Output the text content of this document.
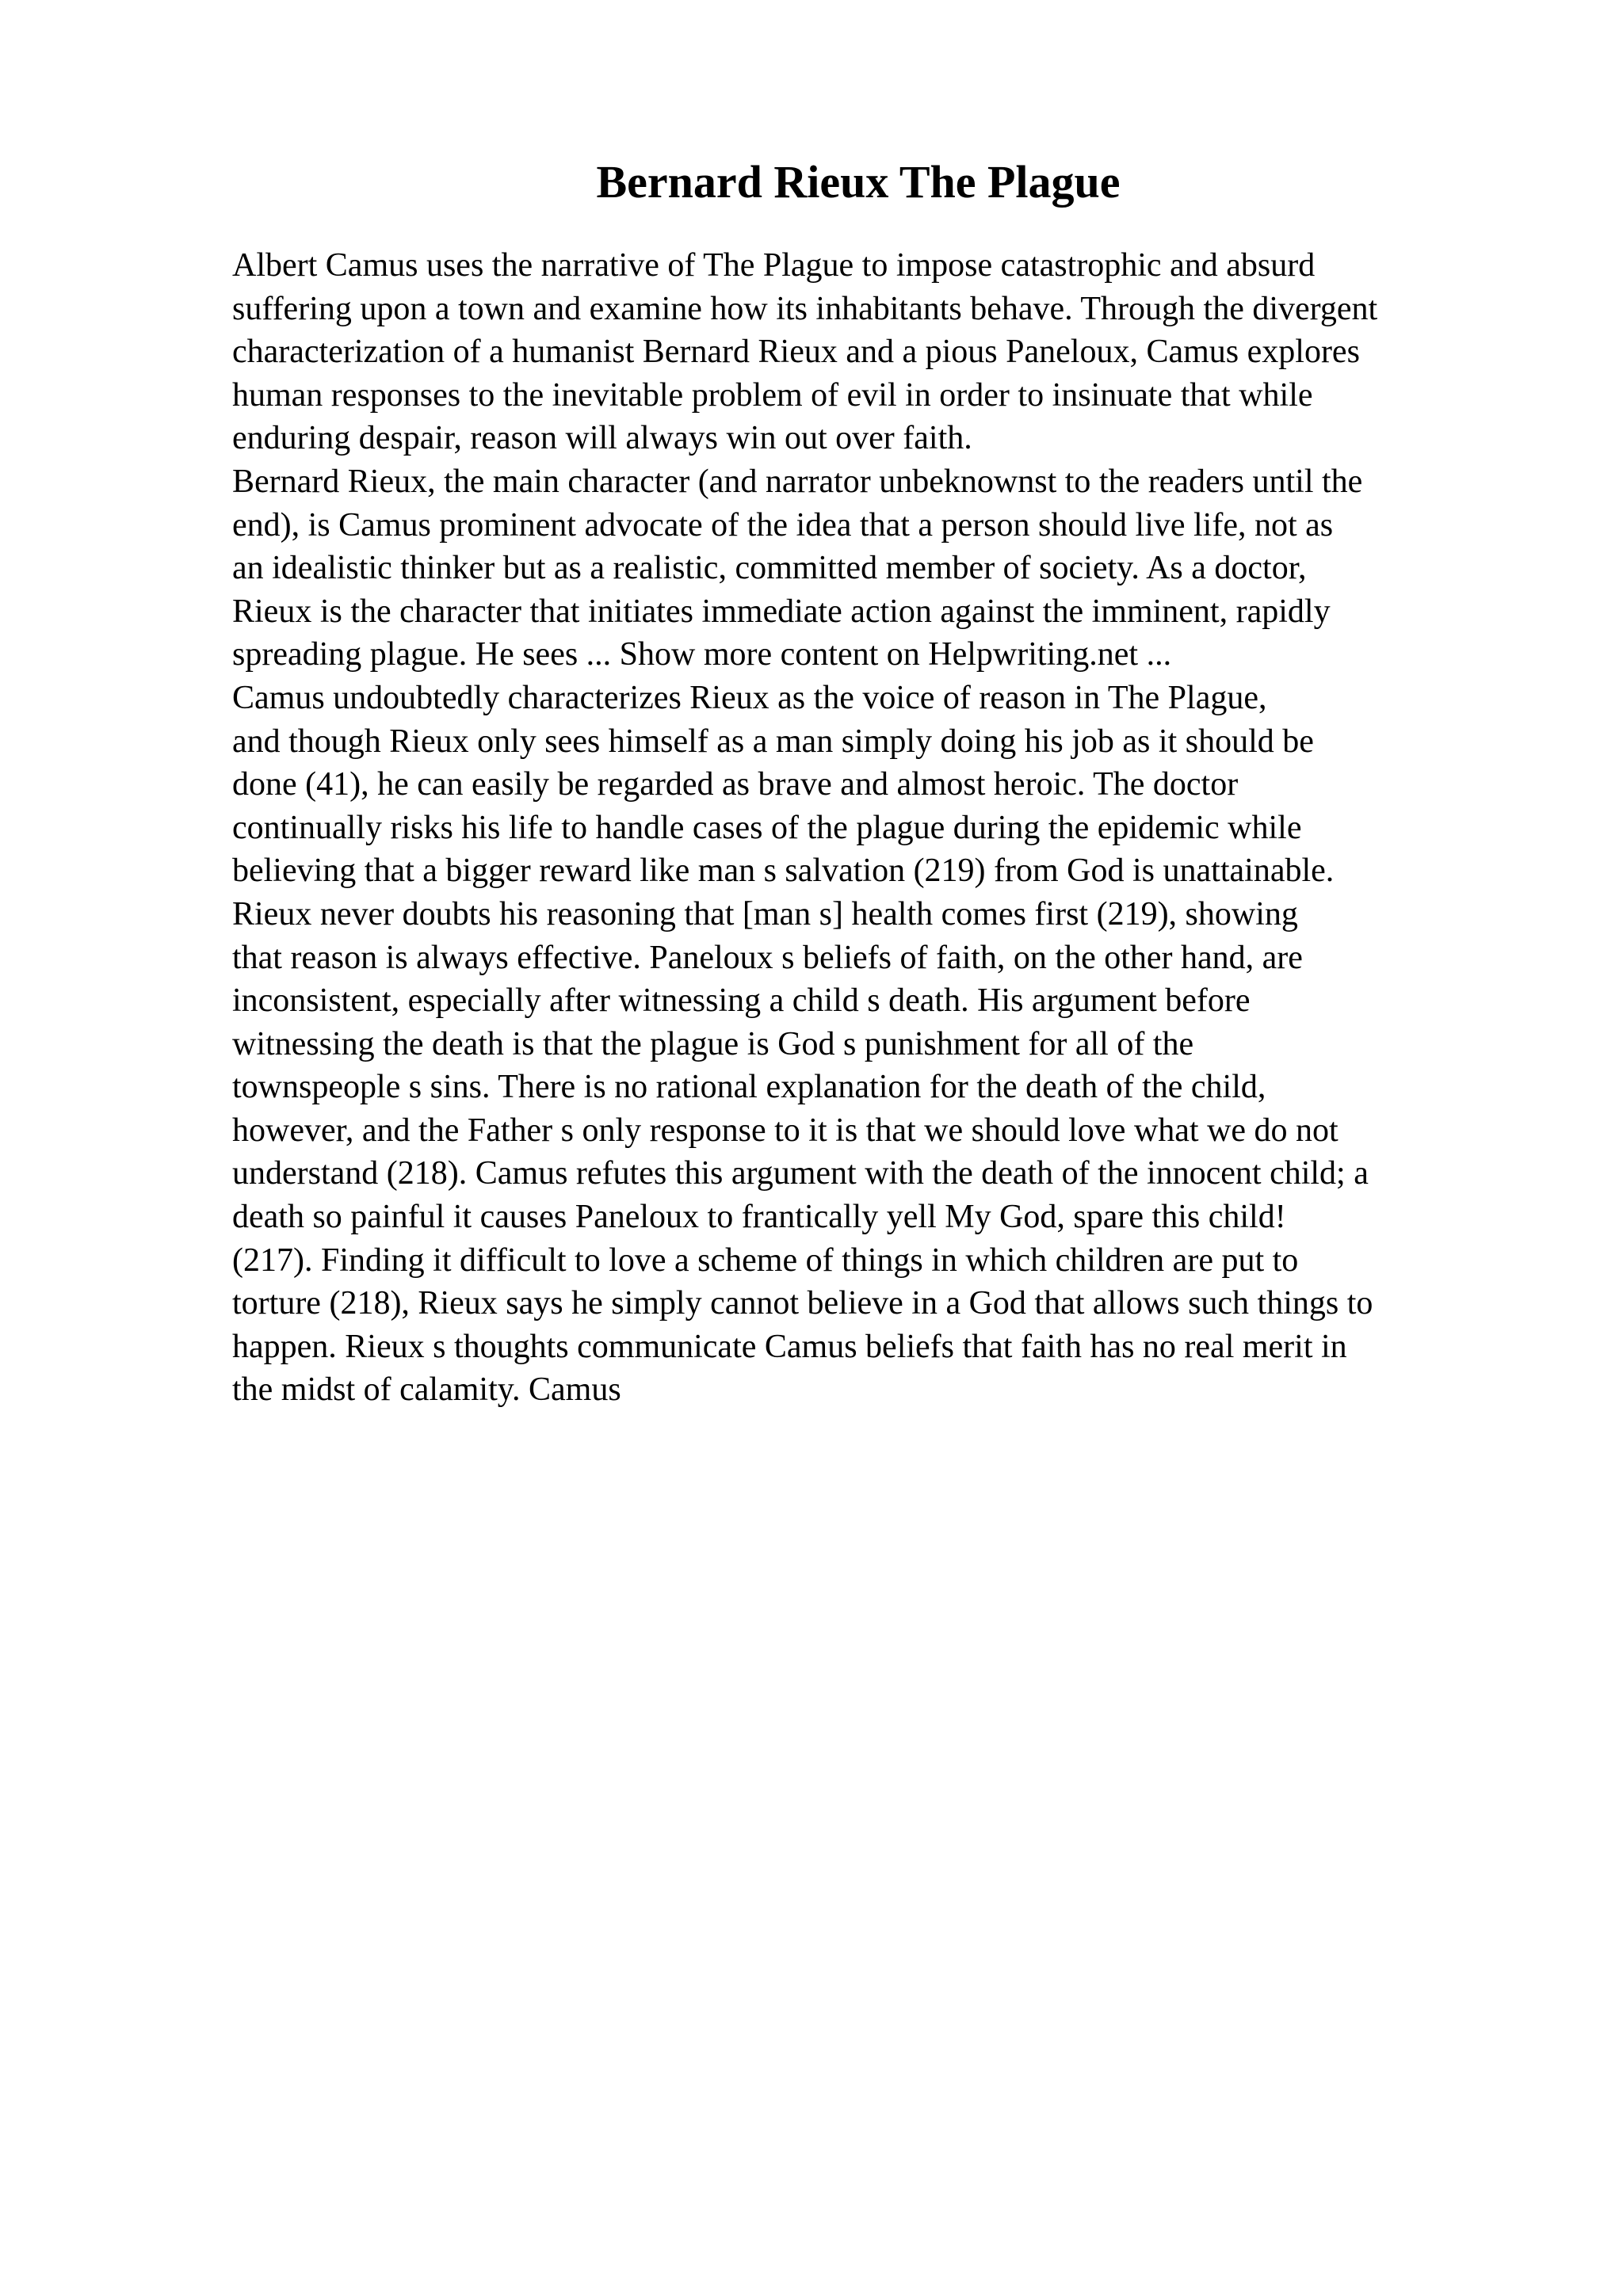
Bernard Rieux The Plague
Albert Camus uses the narrative of The Plague to impose catastrophic and absurd
suffering upon a town and examine how its inhabitants behave. Through the divergent
characterization of a humanist Bernard Rieux and a pious Paneloux, Camus explores
human responses to the inevitable problem of evil in order to insinuate that while
enduring despair, reason will always win out over faith.
Bernard Rieux, the main character (and narrator unbeknownst to the readers until the
end), is Camus prominent advocate of the idea that a person should live life, not as
an idealistic thinker but as a realistic, committed member of society. As a doctor,
Rieux is the character that initiates immediate action against the imminent, rapidly
spreading plague. He sees ... Show more content on Helpwriting.net ...
Camus undoubtedly characterizes Rieux as the voice of reason in The Plague,
and though Rieux only sees himself as a man simply doing his job as it should be
done (41), he can easily be regarded as brave and almost heroic. The doctor
continually risks his life to handle cases of the plague during the epidemic while
believing that a bigger reward like man s salvation (219) from God is unattainable.
Rieux never doubts his reasoning that [man s] health comes first (219), showing
that reason is always effective. Paneloux s beliefs of faith, on the other hand, are
inconsistent, especially after witnessing a child s death. His argument before
witnessing the death is that the plague is God s punishment for all of the
townspeople s sins. There is no rational explanation for the death of the child,
however, and the Father s only response to it is that we should love what we do not
understand (218). Camus refutes this argument with the death of the innocent child; a
death so painful it causes Paneloux to frantically yell My God, spare this child!
(217). Finding it difficult to love a scheme of things in which children are put to
torture (218), Rieux says he simply cannot believe in a God that allows such things to
happen. Rieux s thoughts communicate Camus beliefs that faith has no real merit in
the midst of calamity. Camus
